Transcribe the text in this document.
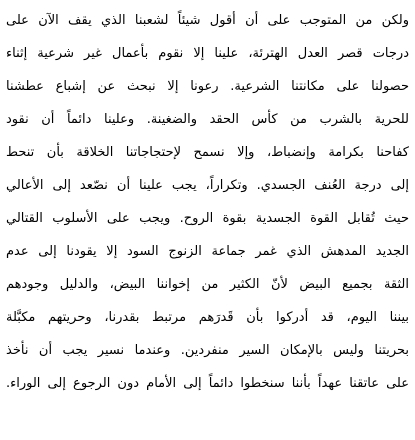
ولكن من المتوجب على أن أقول شيئاً لشعبنا الذي يقف الآن على
درجات قصر العدل الهترئة، علينا إلا نقوم بأعمال غير شرعية إثناء
حصولنا على مكانتنا الشرعية. رعونا إلا نبحث عن إشباع عطشنا
للحرية بالشرب من كأس الحقد والضغينة. وعلينا دائماً أن نقود
كفاحنا بكرامة وإنضباط، وإلا نسمح لإحتجاجاتنا الخلاقة بأن تنحط
إلى درجة العُنف الجسدي. وتكراراً، يجب علينا أن نصّعد إلى الأعالي
حيث تُقابل القوة الجسدية بقوة الروح. ويجب على الأسلوب القتالي
الجديد المدهش الذي غمر جماعة الزنوج السود إلا يقودنا إلى عدم
الثقة بجميع البيض لأنّ الكثير من إخواننا البيض، والدليل وجودهم
بيننا اليوم، قد أدركوا بأن قَدرَهم مرتبط بقدرنا، وحريتهم مكبَّلة
بحريتنا وليس بالإمكان السير منفردين. وعندما نسير يجب أن نأخذ
على عاتقنا عهداً بأننا سنخطوا دائماً إلى الأمام دون الرجوع إلى الوراء.
